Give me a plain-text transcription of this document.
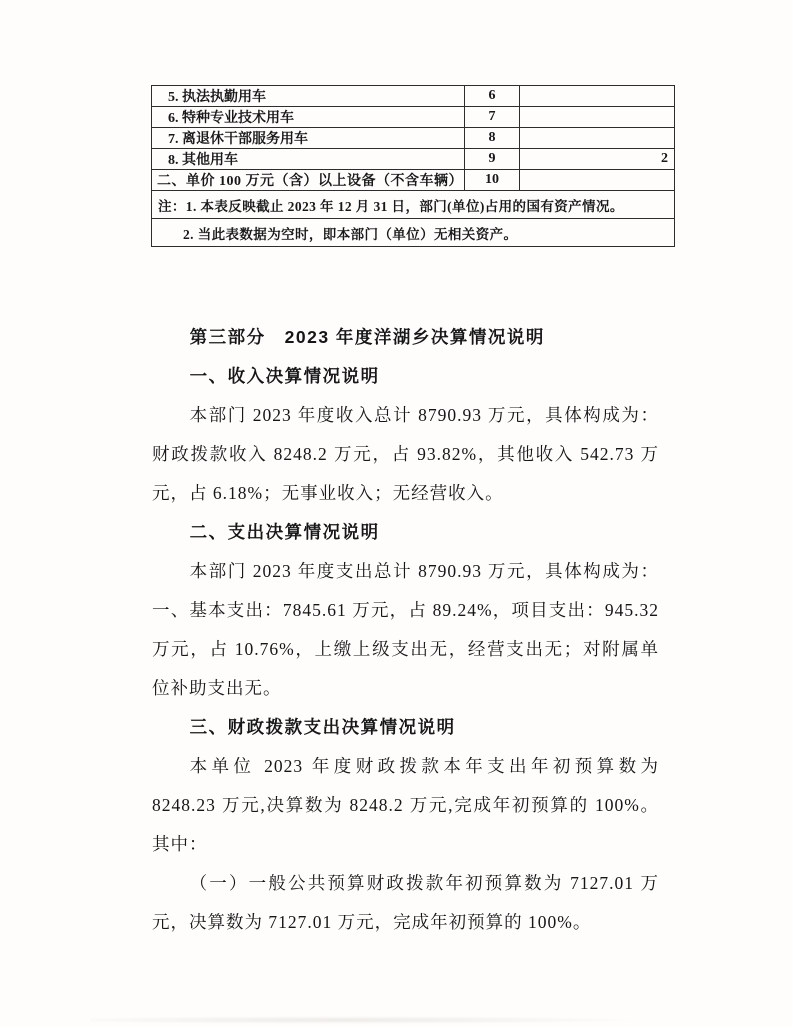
5. 执法执勤用车	6	
6. 特种专业技术用车	7	
7. 离退休干部服务用车	8	
8. 其他用车	9	2
二、单价 100 万元（含）以上设备（不含车辆）	10	
注：1. 本表反映截止 2023 年 12 月 31 日，部门(单位)占用的国有资产情况。		
2. 当此表数据为空时，即本部门（单位）无相关资产。		
第三部分　2023 年度洋湖乡决算情况说明
一、收入决算情况说明
本部门 2023 年度收入总计 8790.93 万元，具体构成为：
财政拨款收入 8248.2 万元，占 93.82%，其他收入 542.73 万
元，占 6.18%；无事业收入；无经营收入。
二、支出决算情况说明
本部门 2023 年度支出总计 8790.93 万元，具体构成为：
一、基本支出：7845.61 万元，占 89.24%，项目支出：945.32
万元，占 10.76%，上缴上级支出无，经营支出无；对附属单
位补助支出无。
三、财政拨款支出决算情况说明
本单位 2023 年度财政拨款本年支出年初预算数为
8248.23 万元,决算数为 8248.2 万元,完成年初预算的 100%。
其中：
（一）一般公共预算财政拨款年初预算数为 7127.01 万
元，决算数为 7127.01 万元，完成年初预算的 100%。
